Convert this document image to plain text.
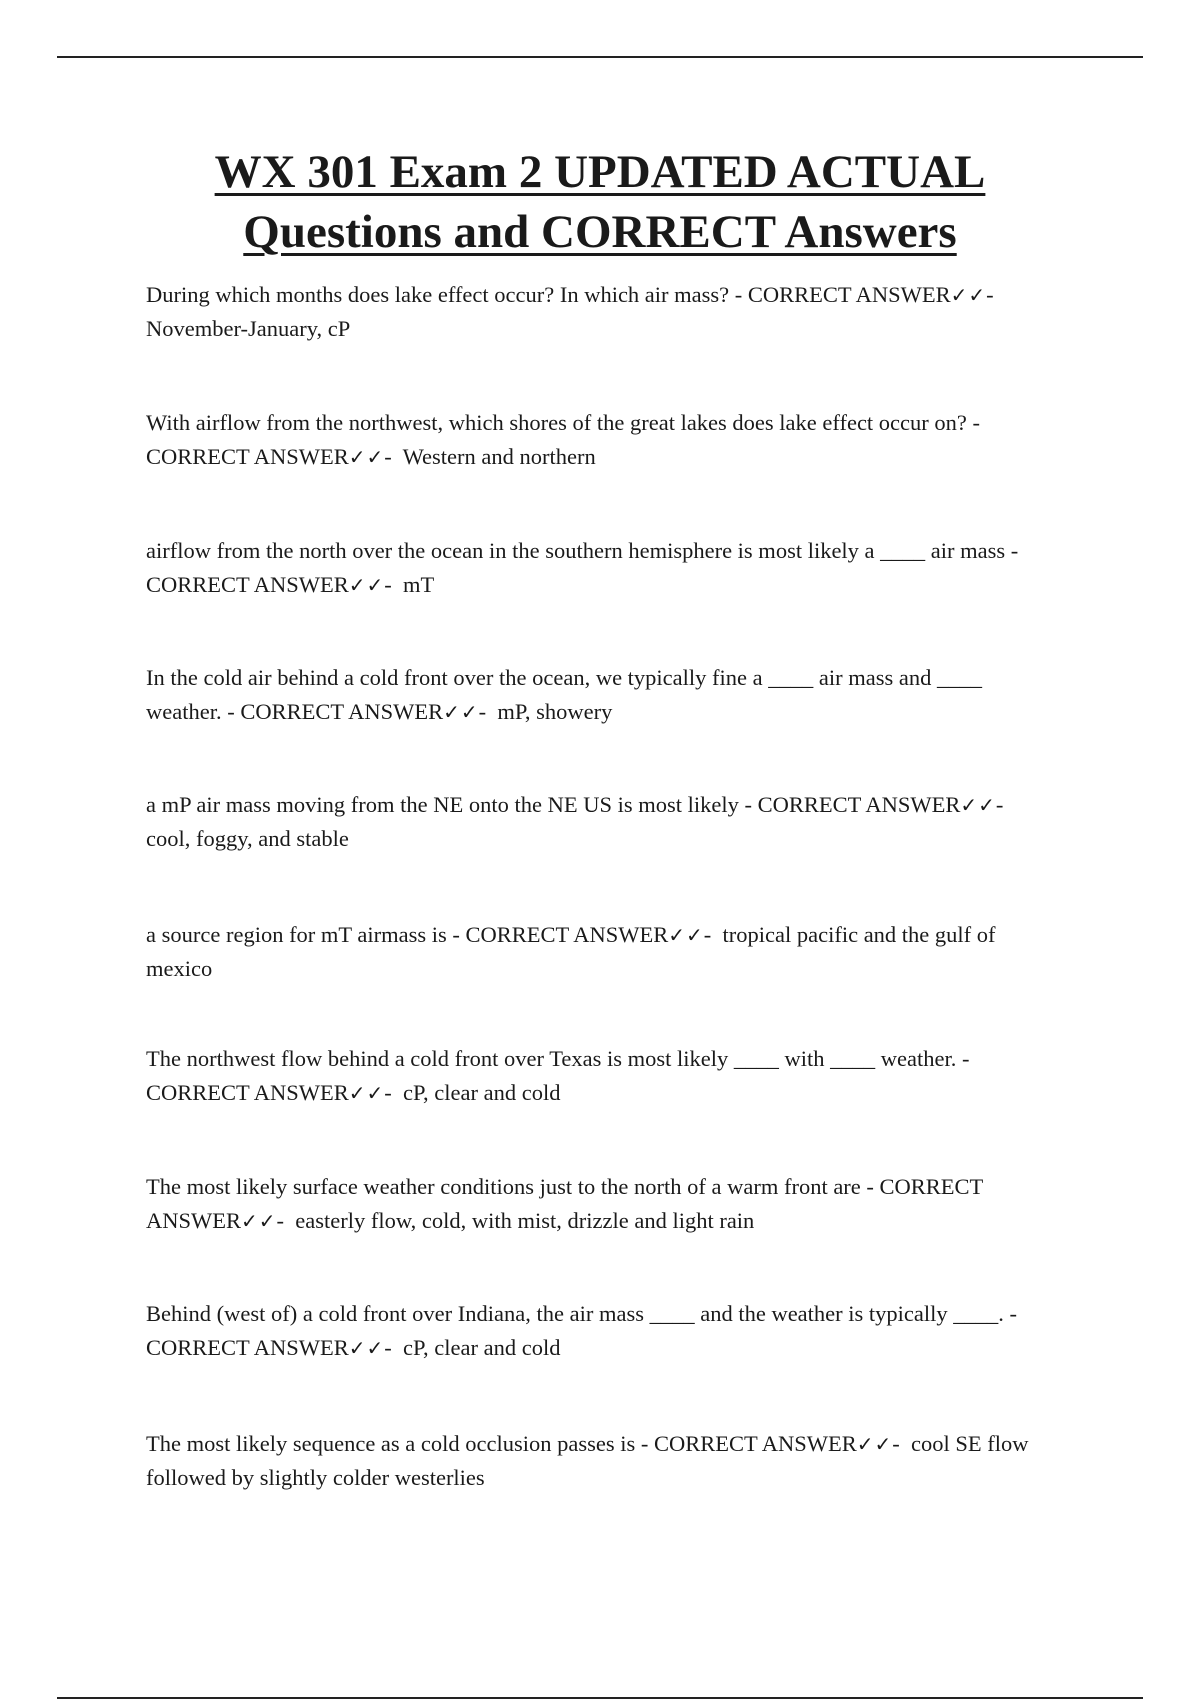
WX 301 Exam 2 UPDATED ACTUAL
Questions and CORRECT Answers

During which months does lake effect occur? In which air mass? - CORRECT ANSWER✓✓-  November-January, cP

With airflow from the northwest, which shores of the great lakes does lake effect occur on? - CORRECT ANSWER✓✓-  Western and northern

airflow from the north over the ocean in the southern hemisphere is most likely a ____ air mass - CORRECT ANSWER✓✓-  mT

In the cold air behind a cold front over the ocean, we typically fine a ____ air mass and ____ weather. - CORRECT ANSWER✓✓-  mP, showery

a mP air mass moving from the NE onto the NE US is most likely - CORRECT ANSWER✓✓-  cool, foggy, and stable

a source region for mT airmass is - CORRECT ANSWER✓✓-  tropical pacific and the gulf of mexico

The northwest flow behind a cold front over Texas is most likely ____ with ____ weather. - CORRECT ANSWER✓✓-  cP, clear and cold

The most likely surface weather conditions just to the north of a warm front are - CORRECT ANSWER✓✓-  easterly flow, cold, with mist, drizzle and light rain

Behind (west of) a cold front over Indiana, the air mass ____ and the weather is typically ____. - CORRECT ANSWER✓✓-  cP, clear and cold

The most likely sequence as a cold occlusion passes is - CORRECT ANSWER✓✓-  cool SE flow followed by slightly colder westerlies
